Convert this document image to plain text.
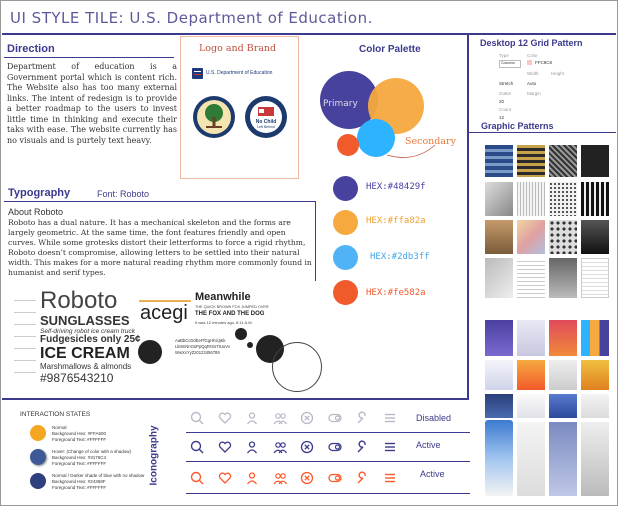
UI STYLE TILE: U.S. Department of Education.
Direction
Department of education is a Government portal which is content rich. The Website also has too many external links. The intent of redesign is to provide a better roadmap to the users to invest little time in thinking and execute their taks with ease. The website currently has no visuals and is purtely text heavy.
Logo and Brand
U.S. Department of Education
No Child
Left Behind
Color Palette
Primary
Secondary
HEX:#48429f
HEX:#ffa82a
HEX:#2db3ff
HEX:#fe582a
Desktop 12 Grid Pattern
Type	Color
Columns	FFC8C8
Width	Height
Stretch	Auto
Gutter	Margin
20
Count
12
Graphic Patterns
Typography	Font: Roboto
About Roboto
Roboto has a dual nature. It has a mechanical skeleton and the forms are largely geometric. At the same time, the font features friendly and open curves. While some grotesks distort their letterforms to force a rigid rhythm, Roboto doesn’t compromise, allowing letters to be settled into their natural width. This makes for a more natural reading rhythm more commonly found in humanist and serif types.
Roboto
SUNGLASSES
Self-driving robot ice cream truck
Fudgesicles only 25¢
ICE CREAM
Marshmallows & almonds
#9876543210
Meanwhile
acegi THE QUICK BROWN FOX JUMPED OVER
THE FOX AND THE DOG
It was 12 minutes ago, 8:11 A.M.
AaBbCcDdEeFfGgHhIiJjKk
LlMmNnOoPpQqRrSsTtUuVv
WwXxYyZz0123456789
INTERACTION STATES
Normal
Background Hex: #FFA600
Foreground Text: #FFFFFF
Hover: (Change of color with a shadow)
Background Hex: #3176C4
Foreground Text: #FFFFFF
Normal / Darker shade of blue with no shadow
Background Hex: #24369F
Foreground Text: #FFFFFF
Iconography
Disabled
Active
Active
